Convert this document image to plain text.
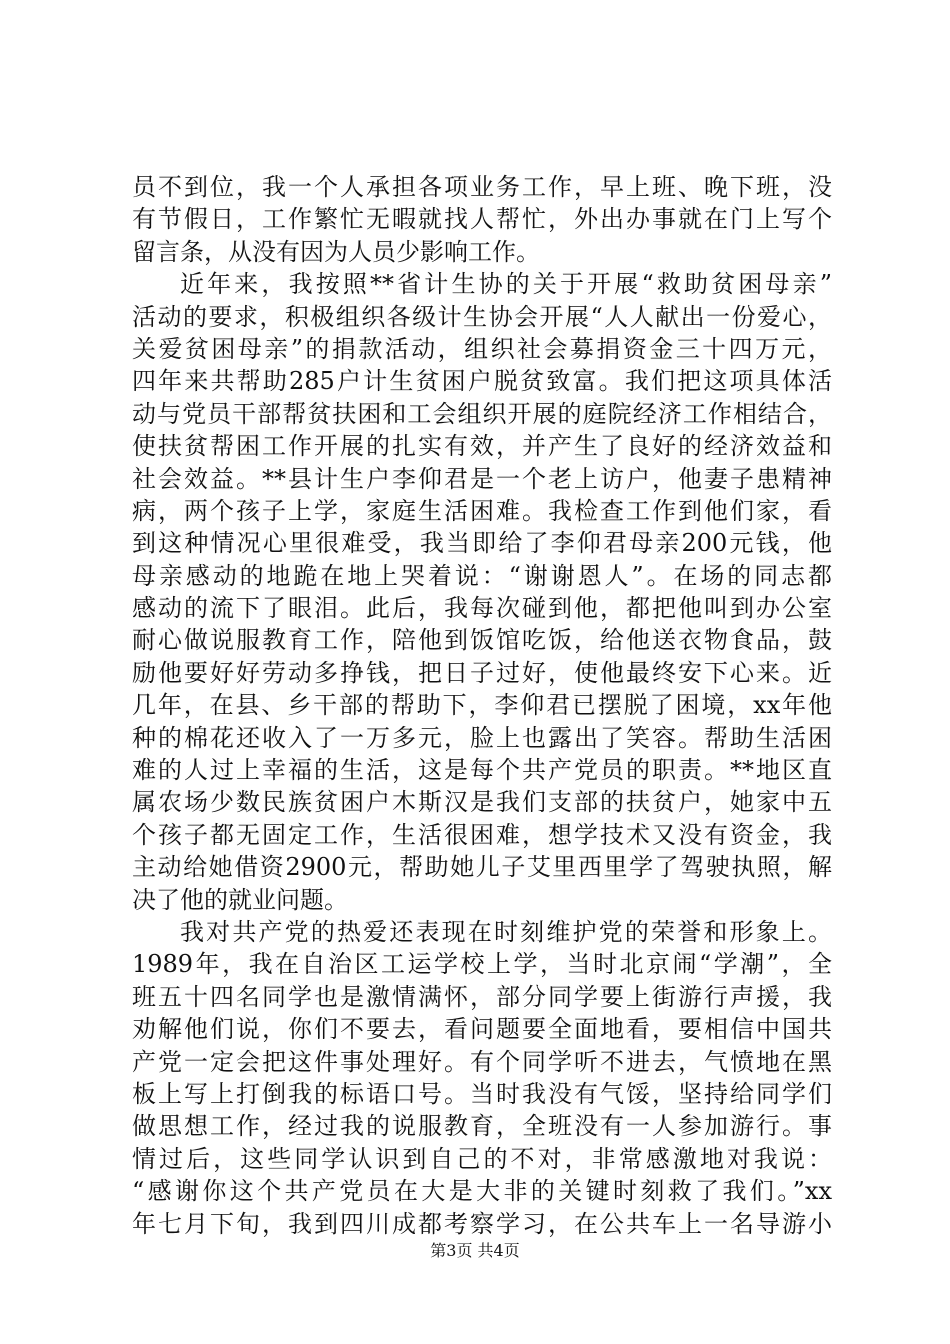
员不到位，我一个人承担各项业务工作，早上班、晚下班，没
有节假日，工作繁忙无暇就找人帮忙，外出办事就在门上写个
留言条，从没有因为人员少影响工作。
近年来，我按照**省计生协的关于开展“救助贫困母亲”
活动的要求，积极组织各级计生协会开展“人人献出一份爱心，
关爱贫困母亲”的捐款活动，组织社会募捐资金三十四万元，
四年来共帮助285户计生贫困户脱贫致富。我们把这项具体活
动与党员干部帮贫扶困和工会组织开展的庭院经济工作相结合，
使扶贫帮困工作开展的扎实有效，并产生了良好的经济效益和
社会效益。**县计生户李仰君是一个老上访户，他妻子患精神
病，两个孩子上学，家庭生活困难。我检查工作到他们家，看
到这种情况心里很难受，我当即给了李仰君母亲200元钱，他
母亲感动的地跪在地上哭着说：“谢谢恩人”。在场的同志都
感动的流下了眼泪。此后，我每次碰到他，都把他叫到办公室
耐心做说服教育工作，陪他到饭馆吃饭，给他送衣物食品，鼓
励他要好好劳动多挣钱，把日子过好，使他最终安下心来。近
几年，在县、乡干部的帮助下，李仰君已摆脱了困境，xx年他
种的棉花还收入了一万多元，脸上也露出了笑容。帮助生活困
难的人过上幸福的生活，这是每个共产党员的职责。**地区直
属农场少数民族贫困户木斯汉是我们支部的扶贫户，她家中五
个孩子都无固定工作，生活很困难，想学技术又没有资金，我
主动给她借资2900元，帮助她儿子艾里西里学了驾驶执照，解
决了他的就业问题。
我对共产党的热爱还表现在时刻维护党的荣誉和形象上。
1989年，我在自治区工运学校上学，当时北京闹“学潮”，全
班五十四名同学也是激情满怀，部分同学要上街游行声援，我
劝解他们说，你们不要去，看问题要全面地看，要相信中国共
产党一定会把这件事处理好。有个同学听不进去，气愤地在黑
板上写上打倒我的标语口号。当时我没有气馁，坚持给同学们
做思想工作，经过我的说服教育，全班没有一人参加游行。事
情过后，这些同学认识到自己的不对，非常感激地对我说：
“感谢你这个共产党员在大是大非的关键时刻救了我们。”xx
年七月下旬，我到四川成都考察学习，在公共车上一名导游小
第3页 共4页
